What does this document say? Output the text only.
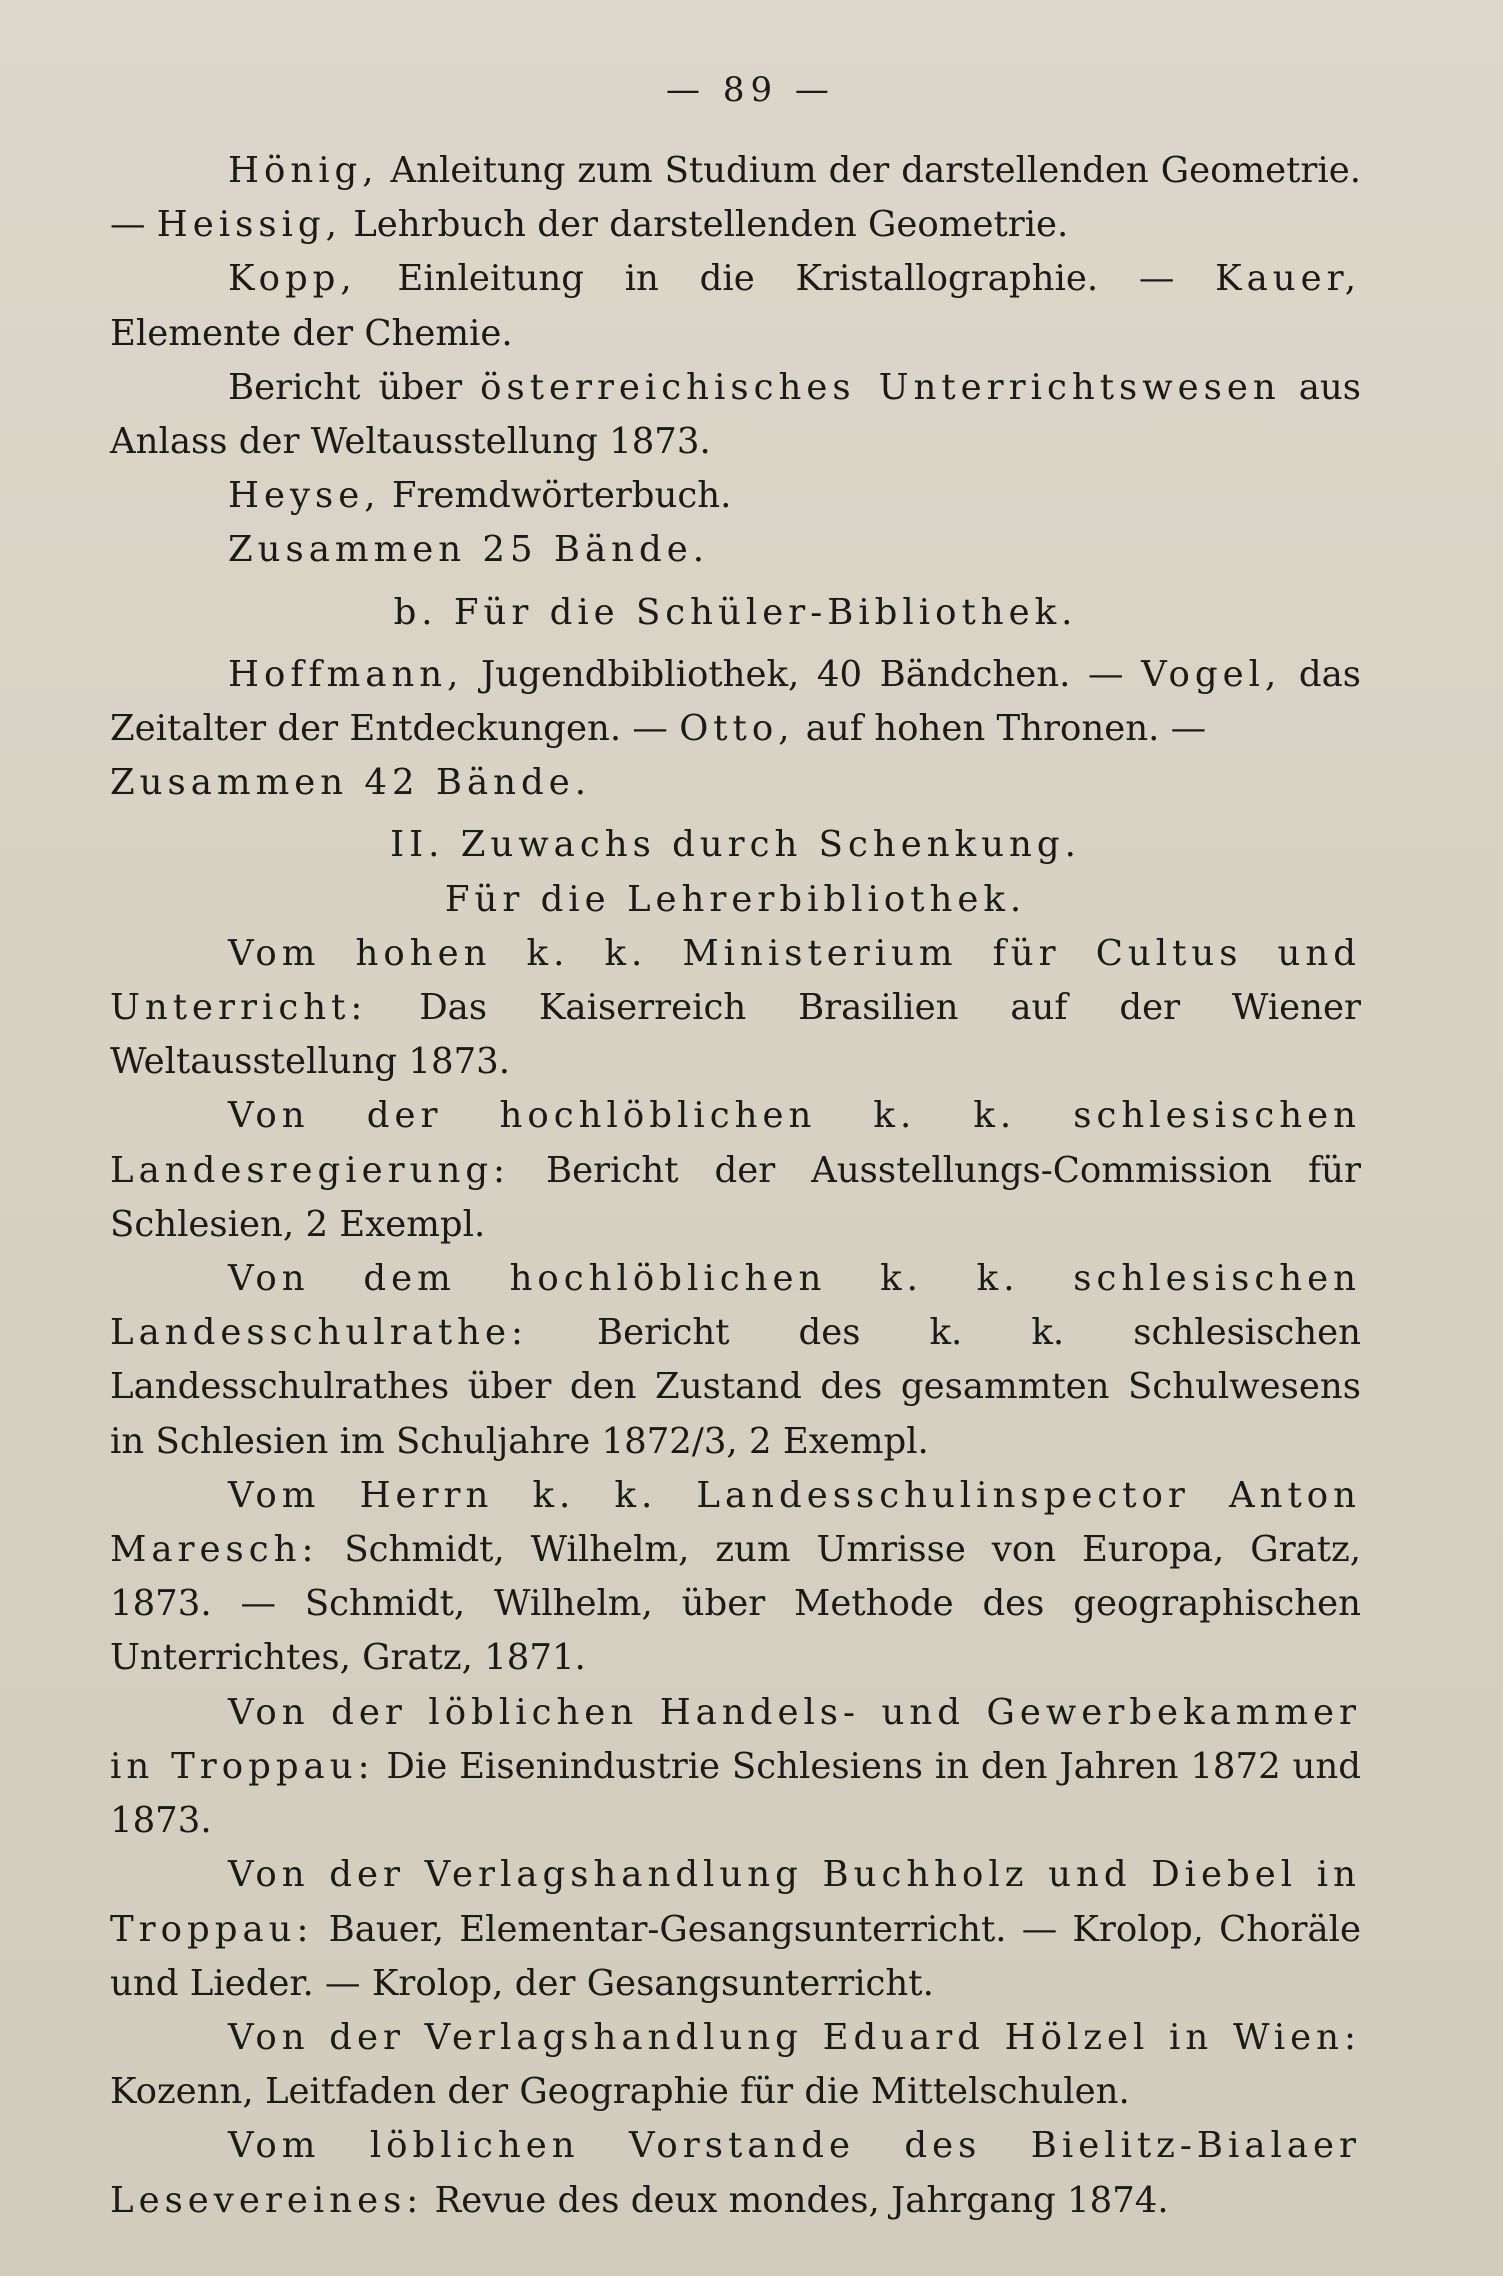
— 89 —

Hönig, Anleitung zum Studium der darstellenden Geometrie. — Heissig, Lehrbuch der darstellenden Geometrie.

Kopp, Einleitung in die Kristallographie. — Kauer, Elemente der Chemie.

Bericht über österreichisches Unterrichtswesen aus Anlass der Weltausstellung 1873.

Heyse, Fremdwörterbuch.

Zusammen 25 Bände.

b. Für die Schüler-Bibliothek.

Hoffmann, Jugendbibliothek, 40 Bändchen. — Vogel, das Zeitalter der Entdeckungen. — Otto, auf hohen Thronen. —

Zusammen 42 Bände.

II. Zuwachs durch Schenkung.

Für die Lehrerbibliothek.

Vom hohen k. k. Ministerium für Cultus und Unterricht: Das Kaiserreich Brasilien auf der Wiener Weltausstellung 1873.

Von der hochlöblichen k. k. schlesischen Landesregierung: Bericht der Ausstellungs-Commission für Schlesien, 2 Exempl.

Von dem hochlöblichen k. k. schlesischen Landesschulrathe: Bericht des k. k. schlesischen Landesschulrathes über den Zustand des gesammten Schulwesens in Schlesien im Schuljahre 1872/3, 2 Exempl.

Vom Herrn k. k. Landesschulinspector Anton Maresch: Schmidt, Wilhelm, zum Umrisse von Europa, Gratz, 1873. — Schmidt, Wilhelm, über Methode des geographischen Unterrichtes, Gratz, 1871.

Von der löblichen Handels- und Gewerbekammer in Troppau: Die Eisenindustrie Schlesiens in den Jahren 1872 und 1873.

Von der Verlagshandlung Buchholz und Diebel in Troppau: Bauer, Elementar-Gesangsunterricht. — Krolop, Choräle und Lieder. — Krolop, der Gesangsunterricht.

Von der Verlagshandlung Eduard Hölzel in Wien: Kozenn, Leitfaden der Geographie für die Mittelschulen.

Vom löblichen Vorstande des Bielitz-Bialaer Lesevereines: Revue des deux mondes, Jahrgang 1874.
